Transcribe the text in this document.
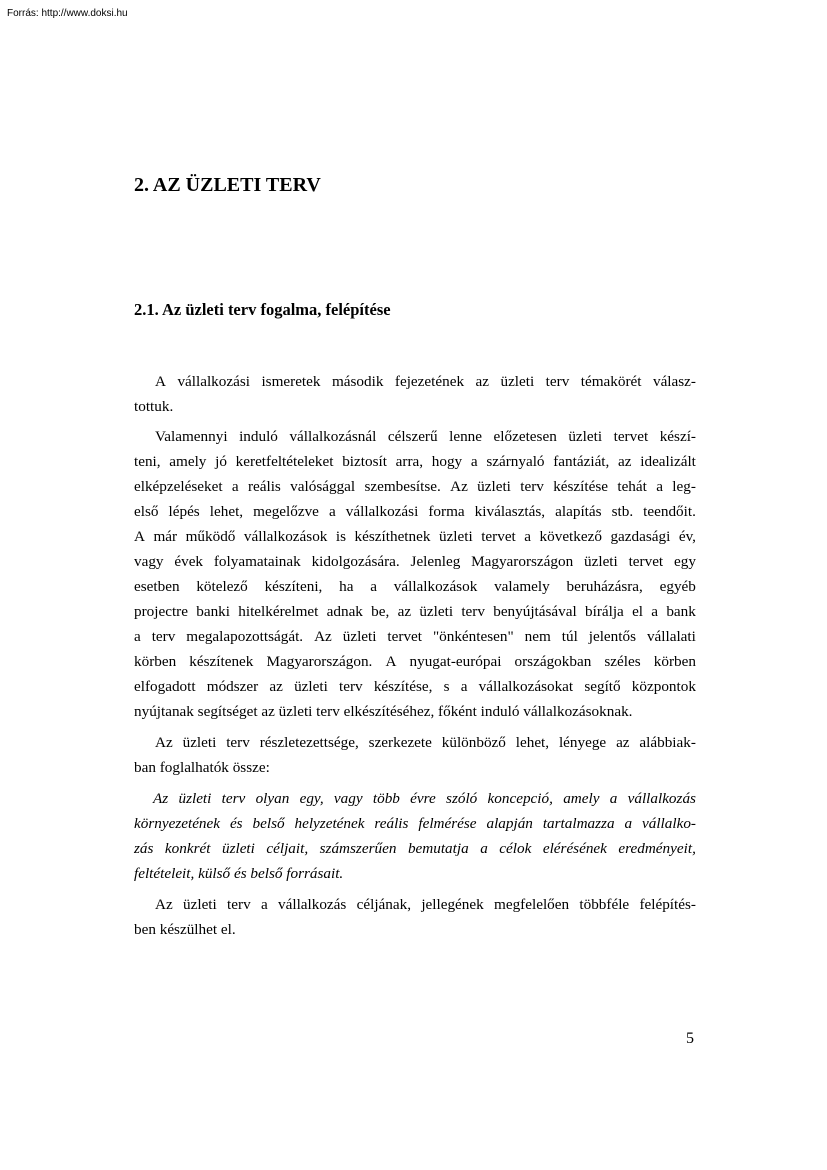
Forrás: http://www.doksi.hu
2. AZ ÜZLETI TERV
2.1. Az üzleti terv fogalma, felépítése
A vállalkozási ismeretek második fejezetének az üzleti terv témakörét válasz-
tottuk.
Valamennyi induló vállalkozásnál célszerű lenne előzetesen üzleti tervet készí-
teni, amely jó keretfeltételeket biztosít arra, hogy a szárnyaló fantáziát, az idealizált
elképzeléseket a reális valósággal szembesítse. Az üzleti terv készítése tehát a leg-
első lépés lehet, megelőzve a vállalkozási forma kiválasztás, alapítás stb. teendőit.
A már működő vállalkozások is készíthetnek üzleti tervet a következő gazdasági év,
vagy évek folyamatainak kidolgozására. Jelenleg Magyarországon üzleti tervet egy
esetben kötelező készíteni, ha a vállalkozások valamely beruházásra, egyéb
projectre banki hitelkérelmet adnak be, az üzleti terv benyújtásával bírálja el a bank
a terv megalapozottságát. Az üzleti tervet "önkéntesen" nem túl jelentős vállalati
körben készítenek Magyarországon. A nyugat-európai országokban széles körben
elfogadott módszer az üzleti terv készítése, s a vállalkozásokat segítő központok
nyújtanak segítséget az üzleti terv elkészítéséhez, főként induló vállalkozásoknak.
Az üzleti terv részletezettsége, szerkezete különböző lehet, lényege az alábbiak-
ban foglalhatók össze:
Az üzleti terv olyan egy, vagy több évre szóló koncepció, amely a vállalkozás
környezetének és belső helyzetének reális felmérése alapján tartalmazza a vállalko-
zás konkrét üzleti céljait, számszerűen bemutatja a célok elérésének eredményeit,
feltételeit, külső és belső forrásait.
Az üzleti terv a vállalkozás céljának, jellegének megfelelően többféle felépítés-
ben készülhet el.
5
